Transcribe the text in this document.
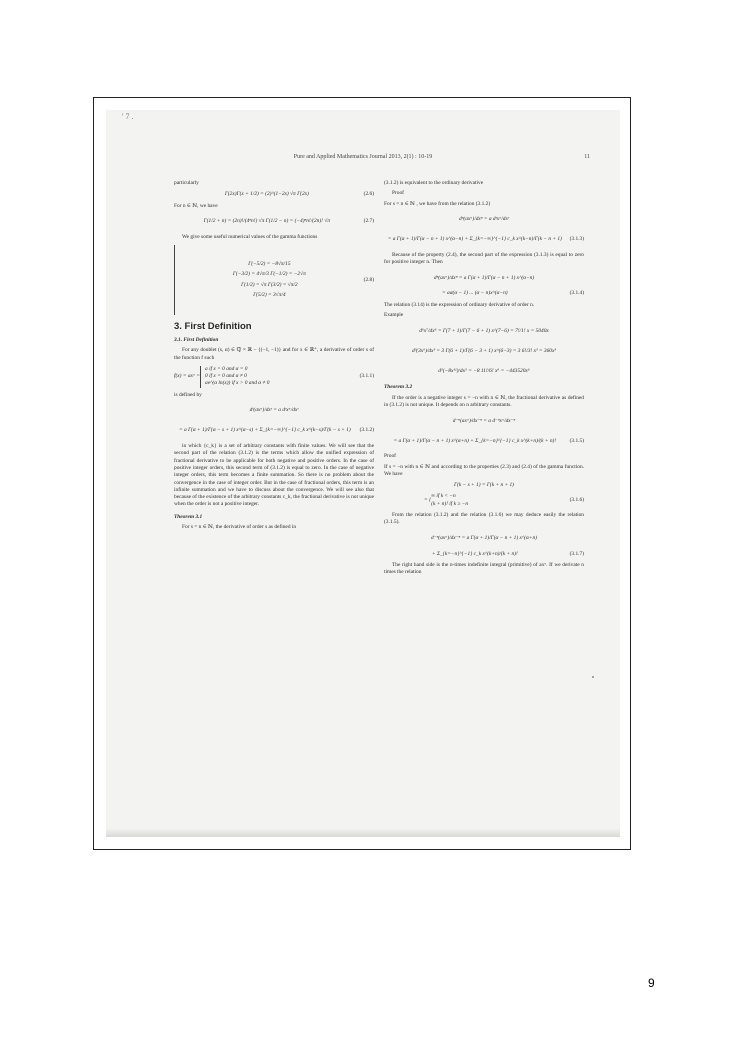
' 7 .
Pure and Applied Mathematics Journal 2013, 2(1) : 10-19	11

particularly

Γ(2x)Γ(x + 1/2) = (2)^(1−2x) √π Γ(2x)	(2.6)

For n ∈ ℕ, we have

Γ(1/2 + n) = (2n)!/(4ⁿn!) √π Γ(1/2 − n) = (−4)ⁿn!/(2n)! √π	(2.7)

We give some useful numerical values of the gamma functions

Γ(−5/2) = −8√π/15
Γ(−3/2) = 4√π/3 Γ(−1/2) = −2√π
Γ(1/2) = √π Γ(3/2) = √π/2
Γ(5/2) = 3√π/4
(2.8)
3. First Definition
3.1. First Definition

For any doublet (s, α) ∈ ℚ × ℝ − {(−1, −1)} and for x ∈ ℝ⁺, a derivative of order s of the function f such

f(x) = axᵅ =
a if x = 0 and α = 0
0 if x = 0 and α ≠ 0
ae^(α ln(x)) if x > 0 and α ≠ 0
(3.1.1)

is defined by

dˢ(axᵅ)/dxˢ = a dˢxᵅ/dxˢ
= a Γ(α + 1)/Γ(α − s + 1) x^(α−s) + Σ_{k=−∞}^{−1} c_k x^(k−s)/Γ(k − s + 1)	(3.1.2)

in which {c_k} is a set of arbitrary constants with finite values. We will see that the second part of the relation (3.1.2) is the terms which allow the unified expression of fractional derivative to be applicable for both negative and positive orders. In the case of positive integer orders, this second term of (3.1.2) is equal to zero. In the case of negative integer orders, this term becomes a finite summation. So there is no problem about the convergence in the case of integer order. But in the case of fractional orders, this term is an infinite summation and we have to discuss about the convergence. We will see also that because of the existence of the arbitrary constants c_k, the fractional derivative is not unique when the order is not a positive integer.

Theorem 3.1

For s = n ∈ ℕ, the derivative of order s as defined in

(3.1.2) is equivalent to the ordinary derivative

Proof

For s = n ∈ ℕ , we have from the relation (3.1.2)

dⁿ(axᵅ)/dxⁿ = a dˢxᵅ/dxˢ
= a Γ(α + 1)/Γ(α − n + 1) x^(α−n) + Σ_{k=−∞}^{−1} c_k x^(k−n)/Γ(k − n + 1)	(3.1.3)

Because of the property (2.4), the second part of the expression (3.1.3) is equal to zero for positive integer n. Then

dⁿ(axᵅ)/dxⁿ = a Γ(α + 1)/Γ(α − n + 1) x^(α−n)
= aα(α − 1) ... (α − n)x^(α−n)	(3.1.4)

The relation (3.14) is the expression of ordinary derivative of order n.

Example

d⁶x⁷/dx⁶ = Γ(7 + 1)/Γ(7 − 6 + 1) x^(7−6) = 7!/1! x = 5040x
d³(3x⁶)/dx³ = 3 Γ(6 + 1)/Γ(6 − 3 + 1) x^(6−3) = 3 6!/3! x³ = 360x³
d⁵(−8x¹¹)/dx⁵ = −8 11!/6! x⁶ = −443520x⁶
Theorem 3.2

If the order is a negative integer s = −n with n ∈ ℕ, the fractional derivative as defined in (3.1.2) is not unique. It depends on n arbitrary constants.

d⁻ⁿ(axᵅ)/dx⁻ⁿ = a d⁻ⁿxᵅ/dx⁻ⁿ
= a Γ(α + 1)/Γ(α − n + 1) x^(α+n) + Σ_{k=−n}^{−1} c_k x^(k+n)/(k + n)!	(3.1.5)

Proof

If s = −n with n ∈ ℕ and according to the properties (2.3) and (2.4) of the gamma function. We have

Γ(k − s + 1) = Γ(k + n + 1)
= {
∞ if k < −n
(k + n)! if k ≥ −n
(3.1.6)

From the relation (3.1.2) and the relation (3.1.6) we may deduce easily the relation (3.1.5).

d⁻ⁿ(axᵅ)/dx⁻ⁿ = a Γ(α + 1)/Γ(α − n + 1) x^(α+n)
+ Σ_{k=−n}^{−1} c_k x^(k+n)/(k + n)!	(3.1.7)

The right hand side is the n-times indefinite integral (primitive) of axᵅ. If we derivate n times the relation

9
